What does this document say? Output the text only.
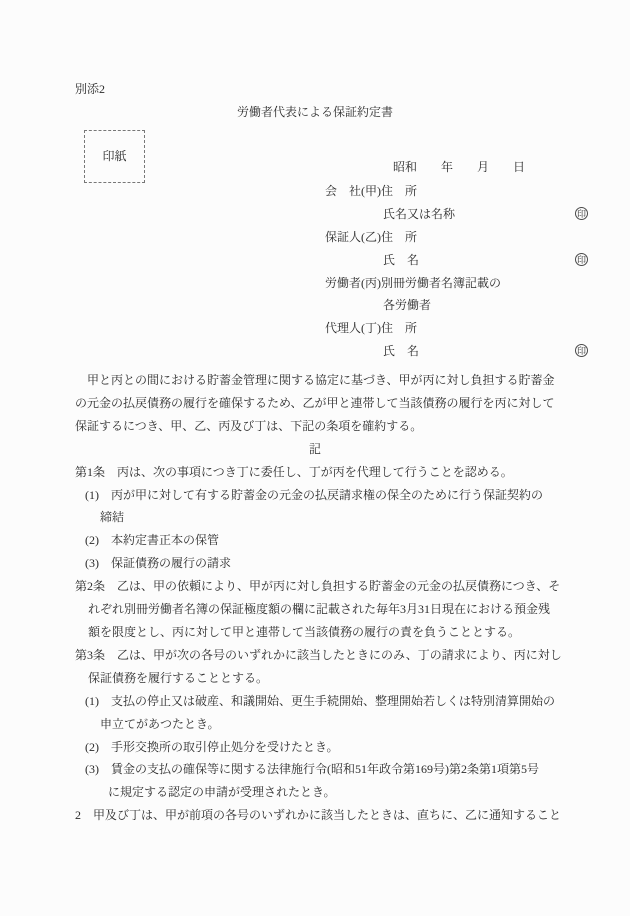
別添2
労働者代表による保証約定書
印紙
昭和　　年　　月　　日
会　社(甲)住　所
氏名又は名称	印
保証人(乙)住　所
氏　名	印
労働者(丙)別冊労働者名簿記載の
各労働者
代理人(丁)住　所
氏　名	印
　甲と丙との間における貯蓄金管理に関する協定に基づき、甲が丙に対し負担する貯蓄金
の元金の払戻債務の履行を確保するため、乙が甲と連帯して当該債務の履行を丙に対して
保証するにつき、甲、乙、丙及び丁は、下記の条項を確約する。
記
第1条　丙は、次の事項につき丁に委任し、丁が丙を代理して行うことを認める。
(1)　丙が甲に対して有する貯蓄金の元金の払戻請求権の保全のために行う保証契約の
締結
(2)　本約定書正本の保管
(3)　保証債務の履行の請求
第2条　乙は、甲の依頼により、甲が丙に対し負担する貯蓄金の元金の払戻債務につき、そ
れぞれ別冊労働者名簿の保証極度額の欄に記載された毎年3月31日現在における預金残
額を限度とし、丙に対して甲と連帯して当該債務の履行の責を負うこととする。
第3条　乙は、甲が次の各号のいずれかに該当したときにのみ、丁の請求により、丙に対し
保証債務を履行することとする。
(1)　支払の停止又は破産、和議開始、更生手続開始、整理開始若しくは特別清算開始の
申立てがあつたとき。
(2)　手形交換所の取引停止処分を受けたとき。
(3)　賃金の支払の確保等に関する法律施行令(昭和51年政令第169号)第2条第1項第5号
に規定する認定の申請が受理されたとき。
2　甲及び丁は、甲が前項の各号のいずれかに該当したときは、直ちに、乙に通知すること
